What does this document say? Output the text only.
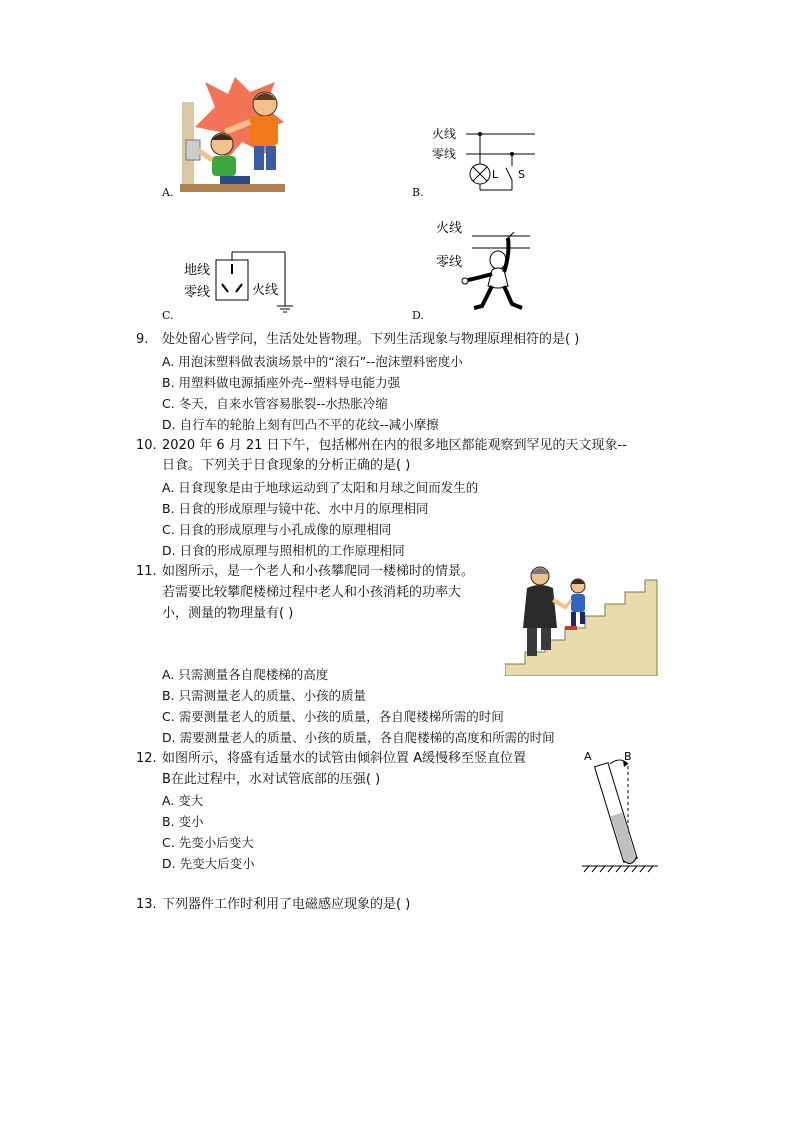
A.	B.
C.	D.
火线
零线
L S
地线
零线	火线
火线
零线
9. 处处留心皆学问，生活处处皆物理。下列生活现象与物理原理相符的是( )
A. 用泡沫塑料做表演场景中的“滚石”--泡沫塑料密度小
B. 用塑料做电源插座外壳--塑料导电能力强
C. 冬天，自来水管容易胀裂--水热胀冷缩
D. 自行车的轮胎上刻有凹凸不平的花纹--减小摩擦
10. 2020 年 6 月 21 日下午，包括郴州在内的很多地区都能观察到罕见的天文现象--
日食。下列关于日食现象的分析正确的是( )
A. 日食现象是由于地球运动到了太阳和月球之间而发生的
B. 日食的形成原理与镜中花、水中月的原理相同
C. 日食的形成原理与小孔成像的原理相同
D. 日食的形成原理与照相机的工作原理相同
11. 如图所示，是一个老人和小孩攀爬同一楼梯时的情景。
若需要比较攀爬楼梯过程中老人和小孩消耗的功率大
小，测量的物理量有( )
A. 只需测量各自爬楼梯的高度
B. 只需测量老人的质量、小孩的质量
C. 需要测量老人的质量、小孩的质量，各自爬楼梯所需的时间
D. 需要测量老人的质量、小孩的质量，各自爬楼梯的高度和所需的时间
12. 如图所示，将盛有适量水的试管由倾斜位置 A缓慢移至竖直位置
B在此过程中，水对试管底部的压强( )
A. 变大
B. 变小
C. 先变小后变大
D. 先变大后变小
A	B
13. 下列器件工作时利用了电磁感应现象的是( )
